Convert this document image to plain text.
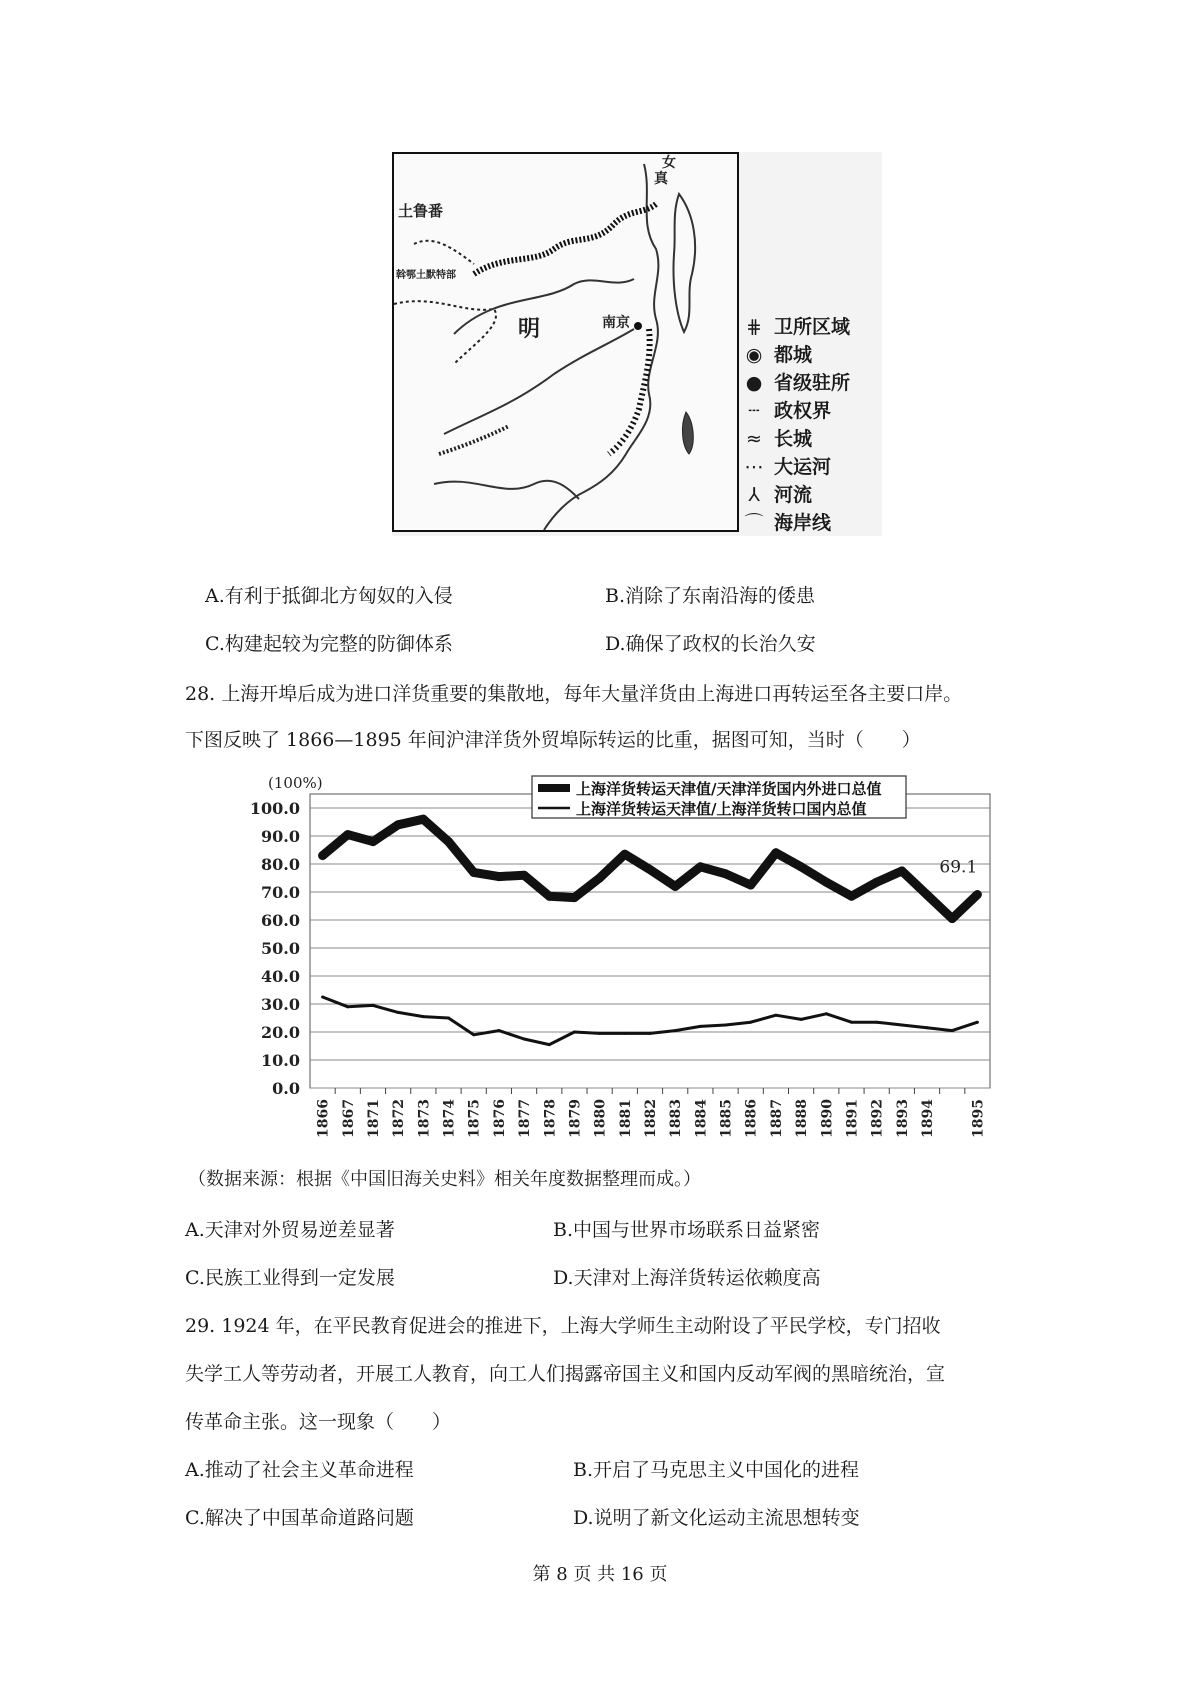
土鲁番
斡鄂土默特部
明	南京
女
真
⋕ 卫所区域
◉ 都城
● 省级驻所
┄ 政权界
≈ 长城
⋯ 大运河
⅄ 河流
⌒ 海岸线
A.有利于抵御北方匈奴的入侵	B.消除了东南沿海的倭患
C.构建起较为完整的防御体系	D.确保了政权的长治久安
28. 上海开埠后成为进口洋货重要的集散地，每年大量洋货由上海进口再转运至各主要口岸。
下图反映了 1866—1895 年间沪津洋货外贸埠际转运的比重，据图可知，当时（　　）
100.0
90.0
80.0
70.0
60.0
50.0
40.0
30.0
20.0
10.0
0.0
(100%)
1866 1867 1871 1872 1873 1874 1875 1876 1877 1878 1879 1880 1881 1882 1883 1884 1885 1886 1887 1888 1890 1891 1892 1893 1894 1895
69.1
上海洋货转运天津值/天津洋货国内外进口总值
上海洋货转运天津值/上海洋货转口国内总值
（数据来源：根据《中国旧海关史料》相关年度数据整理而成。）
A.天津对外贸易逆差显著	B.中国与世界市场联系日益紧密
C.民族工业得到一定发展	D.天津对上海洋货转运依赖度高
29. 1924 年，在平民教育促进会的推进下，上海大学师生主动附设了平民学校，专门招收
失学工人等劳动者，开展工人教育，向工人们揭露帝国主义和国内反动军阀的黑暗统治，宣
传革命主张。这一现象（　　）
A.推动了社会主义革命进程	B.开启了马克思主义中国化的进程
C.解决了中国革命道路问题	D.说明了新文化运动主流思想转变
第 8 页 共 16 页
